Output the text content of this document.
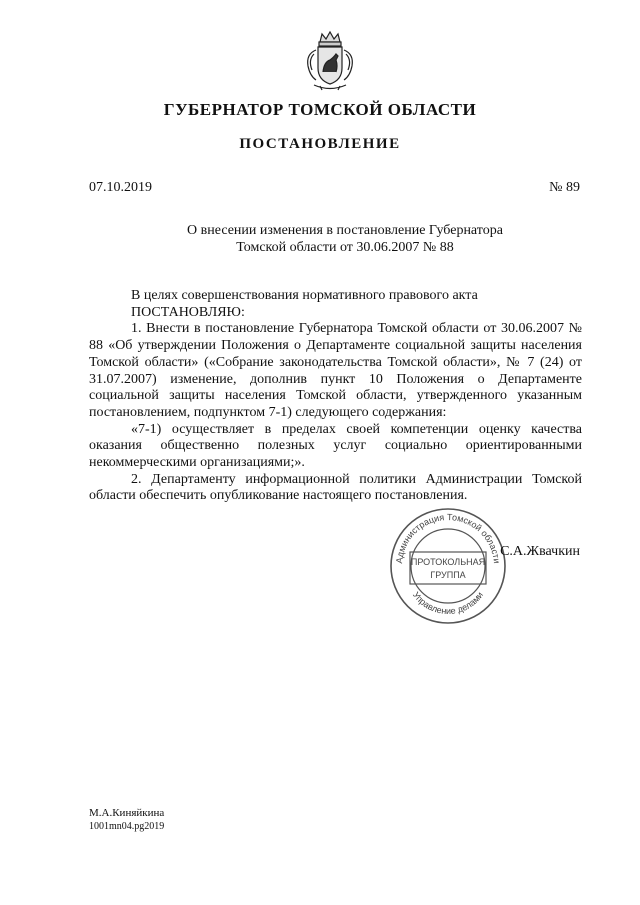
ГУБЕРНАТОР ТОМСКОЙ ОБЛАСТИ
ПОСТАНОВЛЕНИЕ
07.10.2019	№ 89
О внесении изменения в постановление Губернатора
Томской области от 30.06.2007 № 88

В целях совершенствования нормативного правового акта

ПОСТАНОВЛЯЮ:

1. Внести в постановление Губернатора Томской области от 30.06.2007 № 88 «Об утверждении Положения о Департаменте социальной защиты населения Томской области» («Собрание законодательства Томской области», № 7 (24) от 31.07.2007) изменение, дополнив пункт 10 Положения о Департаменте социальной защиты населения Томской области, утвержденного указанным постановлением, подпунктом 7-1) следующего содержания:

«7-1) осуществляет в пределах своей компетенции оценку качества оказания общественно полезных услуг социально ориентированными некоммерческими организациями;».

2. Департаменту информационной политики Администрации Томской области обеспечить опубликование настоящего постановления.

Администрация Томской области
Управление делами
ПРОТОКОЛЬНАЯ
ГРУППА
С.А.Жвачкин
М.А.Киняйкина
1001mn04.pg2019
